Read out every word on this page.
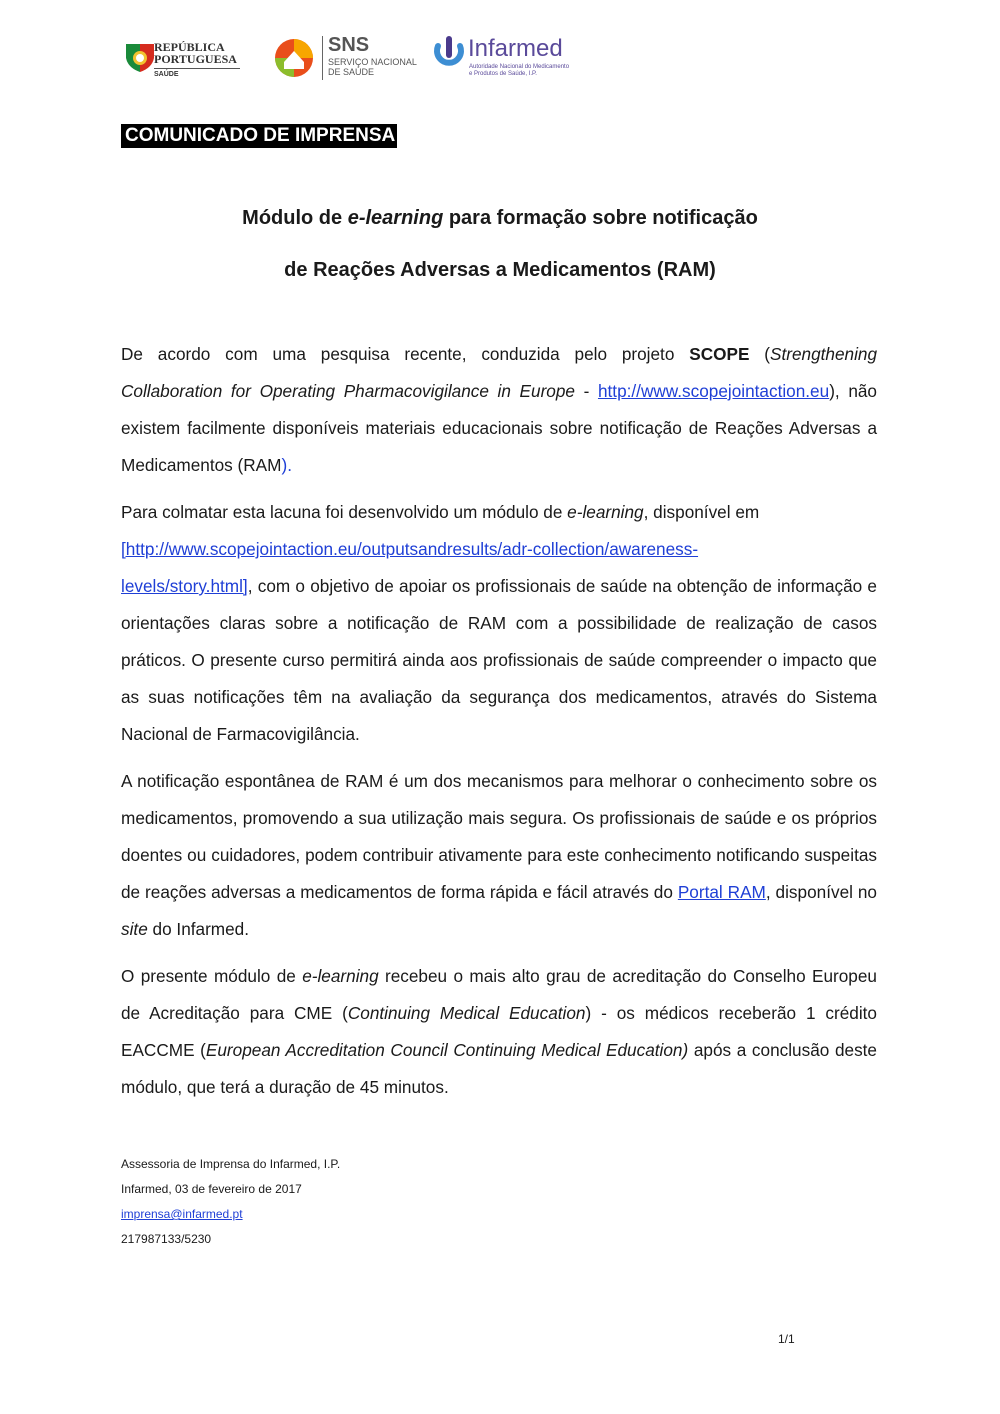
REPÚBLICA
PORTUGUESA
SAÚDE
SNS
SERVIÇO NACIONAL
DE SAÚDE
Infarmed
Autoridade Nacional do Medicamento
e Produtos de Saúde, I.P.
COMUNICADO DE IMPRENSA
Módulo de e-learning para formação sobre notificação
de Reações Adversas a Medicamentos (RAM)

De acordo com uma pesquisa recente, conduzida pelo projeto SCOPE (Strengthening Collaboration for Operating Pharmacovigilance in Europe - http://www.scopejointaction.eu), não existem facilmente disponíveis materiais educacionais sobre notificação de Reações Adversas a Medicamentos (RAM).

Para colmatar esta lacuna foi desenvolvido um módulo de e-learning, disponível em
[http://www.scopejointaction.eu/outputsandresults/adr-collection/awareness-
levels/story.html], com o objetivo de apoiar os profissionais de saúde na obtenção de informação e orientações claras sobre a notificação de RAM com a possibilidade de realização de casos práticos. O presente curso permitirá ainda aos profissionais de saúde compreender o impacto que as suas notificações têm na avaliação da segurança dos medicamentos, através do Sistema Nacional de Farmacovigilância.

A notificação espontânea de RAM é um dos mecanismos para melhorar o conhecimento sobre os medicamentos, promovendo a sua utilização mais segura. Os profissionais de saúde e os próprios doentes ou cuidadores, podem contribuir ativamente para este conhecimento notificando suspeitas de reações adversas a medicamentos de forma rápida e fácil através do Portal RAM, disponível no site do Infarmed.

O presente módulo de e-learning recebeu o mais alto grau de acreditação do Conselho Europeu de Acreditação para CME (Continuing Medical Education) - os médicos receberão 1 crédito EACCME (European Accreditation Council Continuing Medical Education) após a conclusão deste módulo, que terá a duração de 45 minutos.

Assessoria de Imprensa do Infarmed, I.P.
Infarmed, 03 de fevereiro de 2017
imprensa@infarmed.pt
217987133/5230
1/1
